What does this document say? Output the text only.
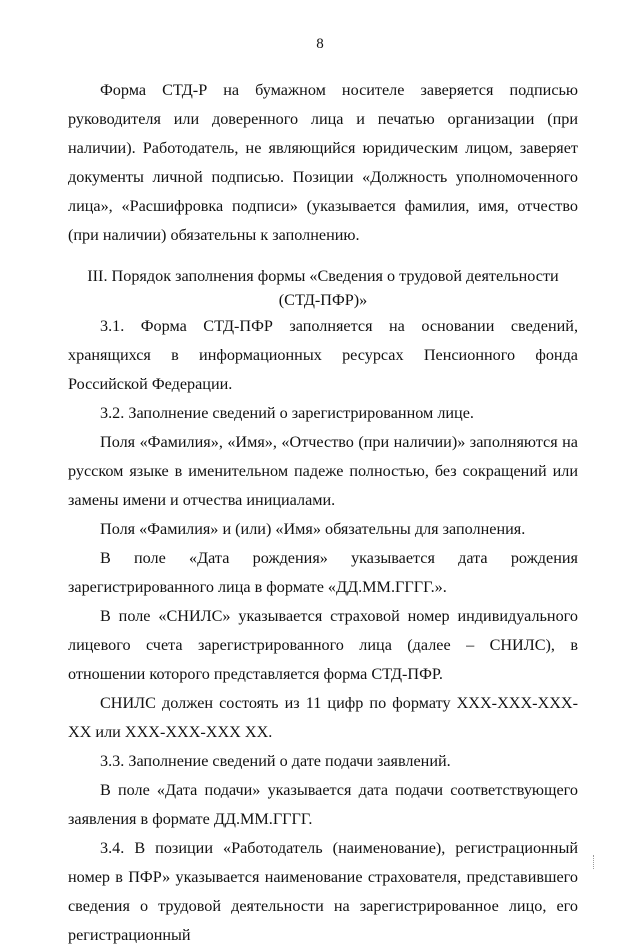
8

Форма СТД-Р на бумажном носителе заверяется подписью руководителя или доверенного лица и печатью организации (при наличии). Работодатель, не являющийся юридическим лицом, заверяет документы личной подписью. Позиции «Должность уполномоченного лица», «Расшифровка подписи» (указывается фамилия, имя, отчество (при наличии) обязательны к заполнению.

III. Порядок заполнения формы «Сведения о трудовой деятельности
(СТД-ПФР)»

3.1. Форма СТД-ПФР заполняется на основании сведений, хранящихся в информационных ресурсах Пенсионного фонда Российской Федерации.

3.2. Заполнение сведений о зарегистрированном лице.

Поля «Фамилия», «Имя», «Отчество (при наличии)» заполняются на русском языке в именительном падеже полностью, без сокращений или замены имени и отчества инициалами.

Поля «Фамилия» и (или) «Имя» обязательны для заполнения.

В поле «Дата рождения» указывается дата рождения зарегистрированного лица в формате «ДД.ММ.ГГГГ.».

В поле «СНИЛС» указывается страховой номер индивидуального лицевого счета зарегистрированного лица (далее – СНИЛС), в отношении которого представляется форма СТД-ПФР.

СНИЛС должен состоять из 11 цифр по формату XXX-XXX-XXX-XX или XXX-XXX-XXX XX.

3.3. Заполнение сведений о дате подачи заявлений.

В поле «Дата подачи» указывается дата подачи соответствующего заявления в формате ДД.ММ.ГГГГ.

3.4. В позиции «Работодатель (наименование), регистрационный номер в ПФР» указывается наименование страхователя, представившего сведения о трудовой деятельности на зарегистрированное лицо, его регистрационный
